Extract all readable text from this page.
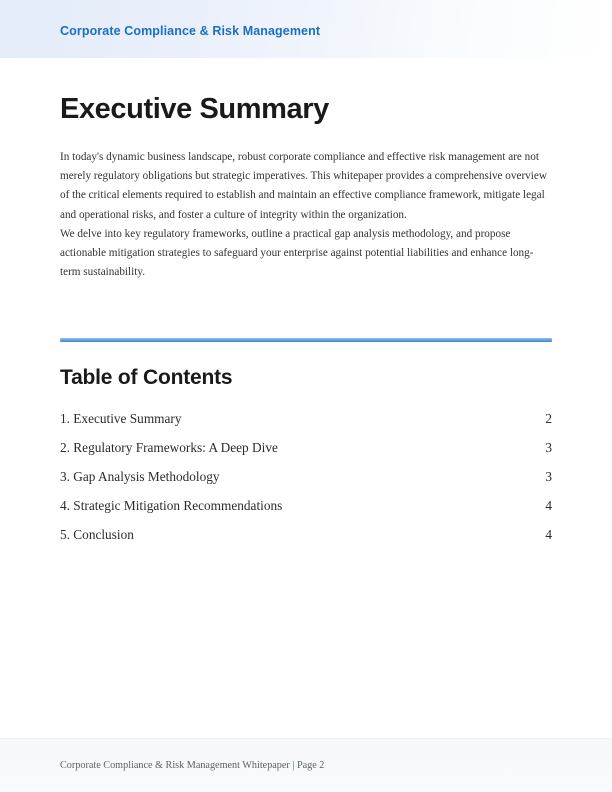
Corporate Compliance & Risk Management
Executive Summary

In today's dynamic business landscape, robust corporate compliance and effective risk management are not merely regulatory obligations but strategic imperatives. This whitepaper provides a comprehensive overview of the critical elements required to establish and maintain an effective compliance framework, mitigate legal and operational risks, and foster a culture of integrity within the organization.
We delve into key regulatory frameworks, outline a practical gap analysis methodology, and propose actionable mitigation strategies to safeguard your enterprise against potential liabilities and enhance long-term sustainability.

Table of Contents
1. Executive Summary	2
2. Regulatory Frameworks: A Deep Dive	3
3. Gap Analysis Methodology	3
4. Strategic Mitigation Recommendations	4
5. Conclusion	4
Corporate Compliance & Risk Management Whitepaper | Page 2
